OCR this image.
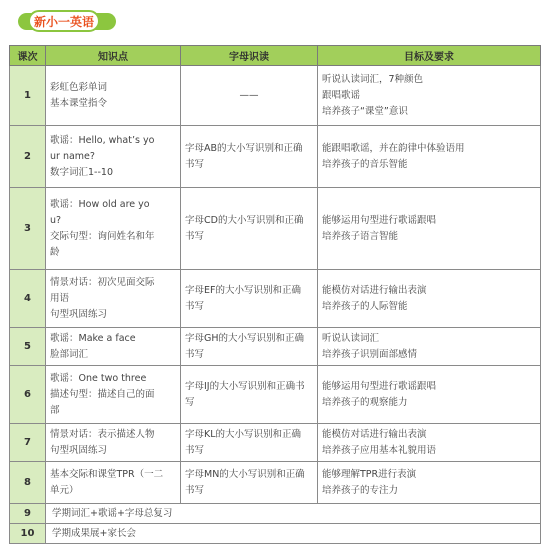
新小一英语
课次	知识点	字母识读	目标及要求
1	彩虹色彩单词
基本课堂指令	——	听说认读词汇，7种颜色
跟唱歌谣
培养孩子“课堂”意识

2	歌谣：Hello, what’s yo
ur name?
数字词汇1--10	字母AB的大小写识别和正确
书写	能跟唱歌谣，并在韵律中体验语用
培养孩子的音乐智能

3	歌谣：How old are yo
u?
交际句型：询问姓名和年
龄	字母CD的大小写识别和正确
书写	能够运用句型进行歌谣跟唱
培养孩子语言智能

4	情景对话：初次见面交际
用语
句型巩固练习	字母EF的大小写识别和正确
书写	能模仿对话进行输出表演
培养孩子的人际智能

5	歌谣：Make a face
脸部词汇	字母GH的大小写识别和正确
书写	听说认读词汇
培养孩子识别面部感情

6	歌谣：One two three
描述句型：描述自己的面
部	字母IJ的大小写识别和正确书
写	能够运用句型进行歌谣跟唱
培养孩子的观察能力

7	情景对话：表示描述人物
句型巩固练习	字母KL的大小写识别和正确
书写	能模仿对话进行输出表演
培养孩子应用基本礼貌用语

8	基本交际和课堂TPR（一二
单元）	字母MN的大小写识别和正确
书写	能够理解TPR进行表演
培养孩子的专注力

9	学期词汇+歌谣+字母总复习		
10	学期成果展+家长会		
